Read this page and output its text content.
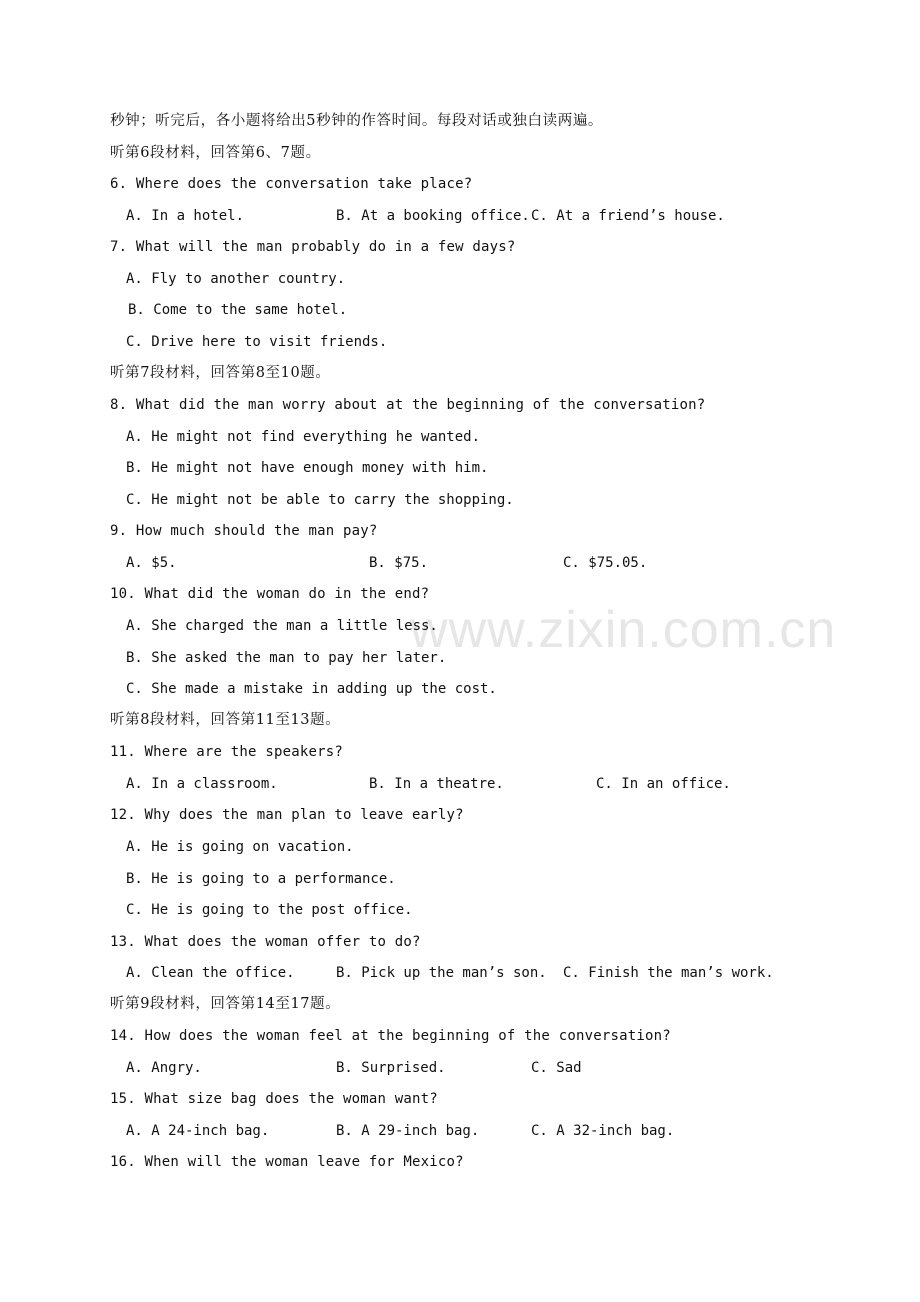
www.zixin.com.cn
秒钟；听完后，各小题将给出5秒钟的作答时间。每段对话或独白读两遍。
听第6段材料，回答第6、7题。
6. Where does the conversation take place?
A. In a hotel.	B. At a booking office. C. At a friend’s house.
7. What will the man probably do in a few days?
A. Fly to another country.
B. Come to the same hotel.
C. Drive here to visit friends.
听第7段材料，回答第8至10题。
8. What did the man worry about at the beginning of the conversation?
A. He might not find everything he wanted.
B. He might not have enough money with him.
C. He might not be able to carry the shopping.
9. How much should the man pay?
A. $5.	B. $75.	C. $75.05.
10. What did the woman do in the end?
A. She charged the man a little less.
B. She asked the man to pay her later.
C. She made a mistake in adding up the cost.
听第8段材料，回答第11至13题。
11. Where are the speakers?
A. In a classroom.	B. In a theatre.	C. In an office.
12. Why does the man plan to leave early?
A. He is going on vacation.
B. He is going to a performance.
C. He is going to the post office.
13. What does the woman offer to do?
A. Clean the office.	B. Pick up the man’s son. C. Finish the man’s work.
听第9段材料，回答第14至17题。
14. How does the woman feel at the beginning of the conversation?
A. Angry.	B. Surprised.	C. Sad
15. What size bag does the woman want?
A. A 24-inch bag.	B. A 29-inch bag.	C. A 32-inch bag.
16. When will the woman leave for Mexico?
